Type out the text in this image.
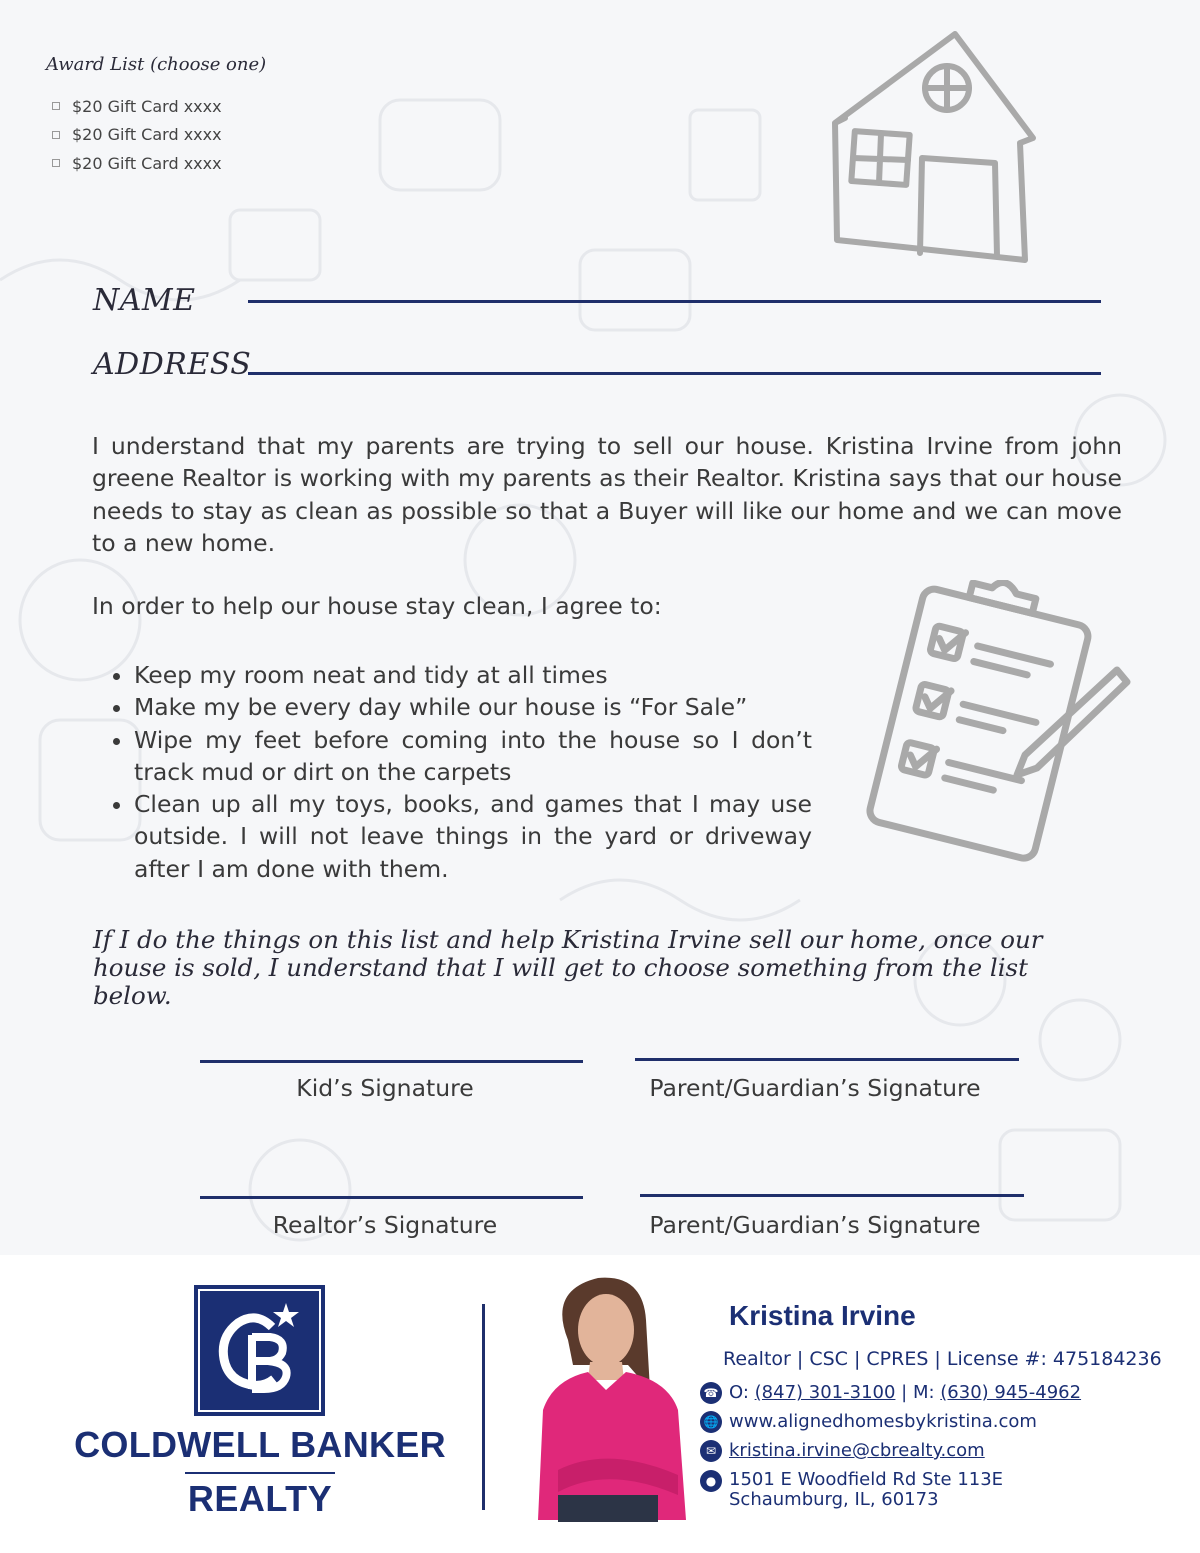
Award List (choose one)
$20 Gift Card xxxx
$20 Gift Card xxxx
$20 Gift Card xxxx
NAME
ADDRESS

I understand that my parents are trying to sell our house. Kristina Irvine from john greene Realtor is working with my parents as their Realtor. Kristina says that our house needs to stay as clean as possible so that a Buyer will like our home and we can move to a new home.

In order to help our house stay clean, I agree to:

• Keep my room neat and tidy at all times
• Make my be every day while our house is “For Sale”
• Wipe my feet before coming into the house so I don’t track mud or dirt on the carpets
• Clean up all my toys, books, and games that I may use outside. I will not leave things in the yard or driveway after I am done with them.

If I do the things on this list and help Kristina Irvine sell our home, once our house is sold, I understand that I will get to choose something from the list below.

Kid’s Signature	Parent/Guardian’s Signature
Realtor’s Signature	Parent/Guardian’s Signature
COLDWELL BANKER
REALTY
Kristina Irvine
Realtor | CSC | CPRES | License #: 475184236
☎ O: (847) 301-3100 | M: (630) 945-4962
🌐 www.alignedhomesbykristina.com
✉ kristina.irvine@cbrealty.com
● 1501 E Woodfield Rd Ste 113E
Schaumburg, IL, 60173
